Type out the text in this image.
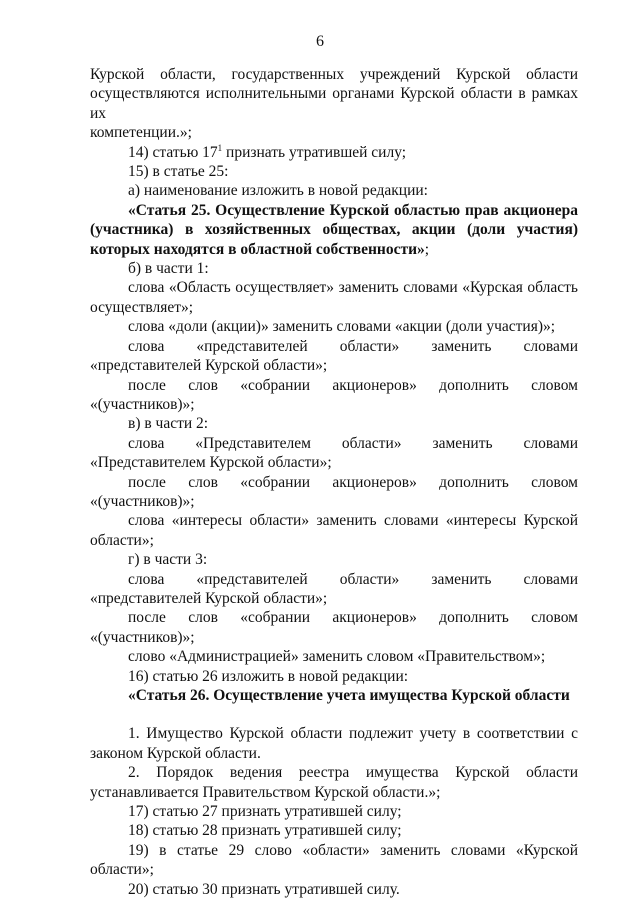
6

Курской области, государственных учреждений Курской области

осуществляются исполнительными органами Курской области в рамках их

компетенции.»;

14) статью $17^1$ признать утратившей силу;

15) в статье 25:

а) наименование изложить в новой редакции:

«Статья 25. Осуществление Курской областью прав акционера (участника) в хозяйственных обществах, акции (доли участия) которых находятся в областной собственности»;

б) в части 1:

слова «Область осуществляет» заменить словами «Курская область осуществляет»;

слова «доли (акции)» заменить словами «акции (доли участия)»;

слова «представителей области» заменить словами «представителей Курской области»;

после слов «собрании акционеров» дополнить словом «(участников)»;

в) в части 2:

слова «Представителем области» заменить словами «Представителем Курской области»;

после слов «собрании акционеров» дополнить словом «(участников)»;

слова «интересы области» заменить словами «интересы Курской области»;

г) в части 3:

слова «представителей области» заменить словами «представителей Курской области»;

после слов «собрании акционеров» дополнить словом «(участников)»;

слово «Администрацией» заменить словом «Правительством»;

16) статью 26 изложить в новой редакции:

«Статья 26. Осуществление учета имущества Курской области

1. Имущество Курской области подлежит учету в соответствии с законом Курской области.

2. Порядок ведения реестра имущества Курской области устанавливается Правительством Курской области.»;

17) статью 27 признать утратившей силу;

18) статью 28 признать утратившей силу;

19) в статье 29 слово «области» заменить словами «Курской области»;

20) статью 30 признать утратившей силу.
